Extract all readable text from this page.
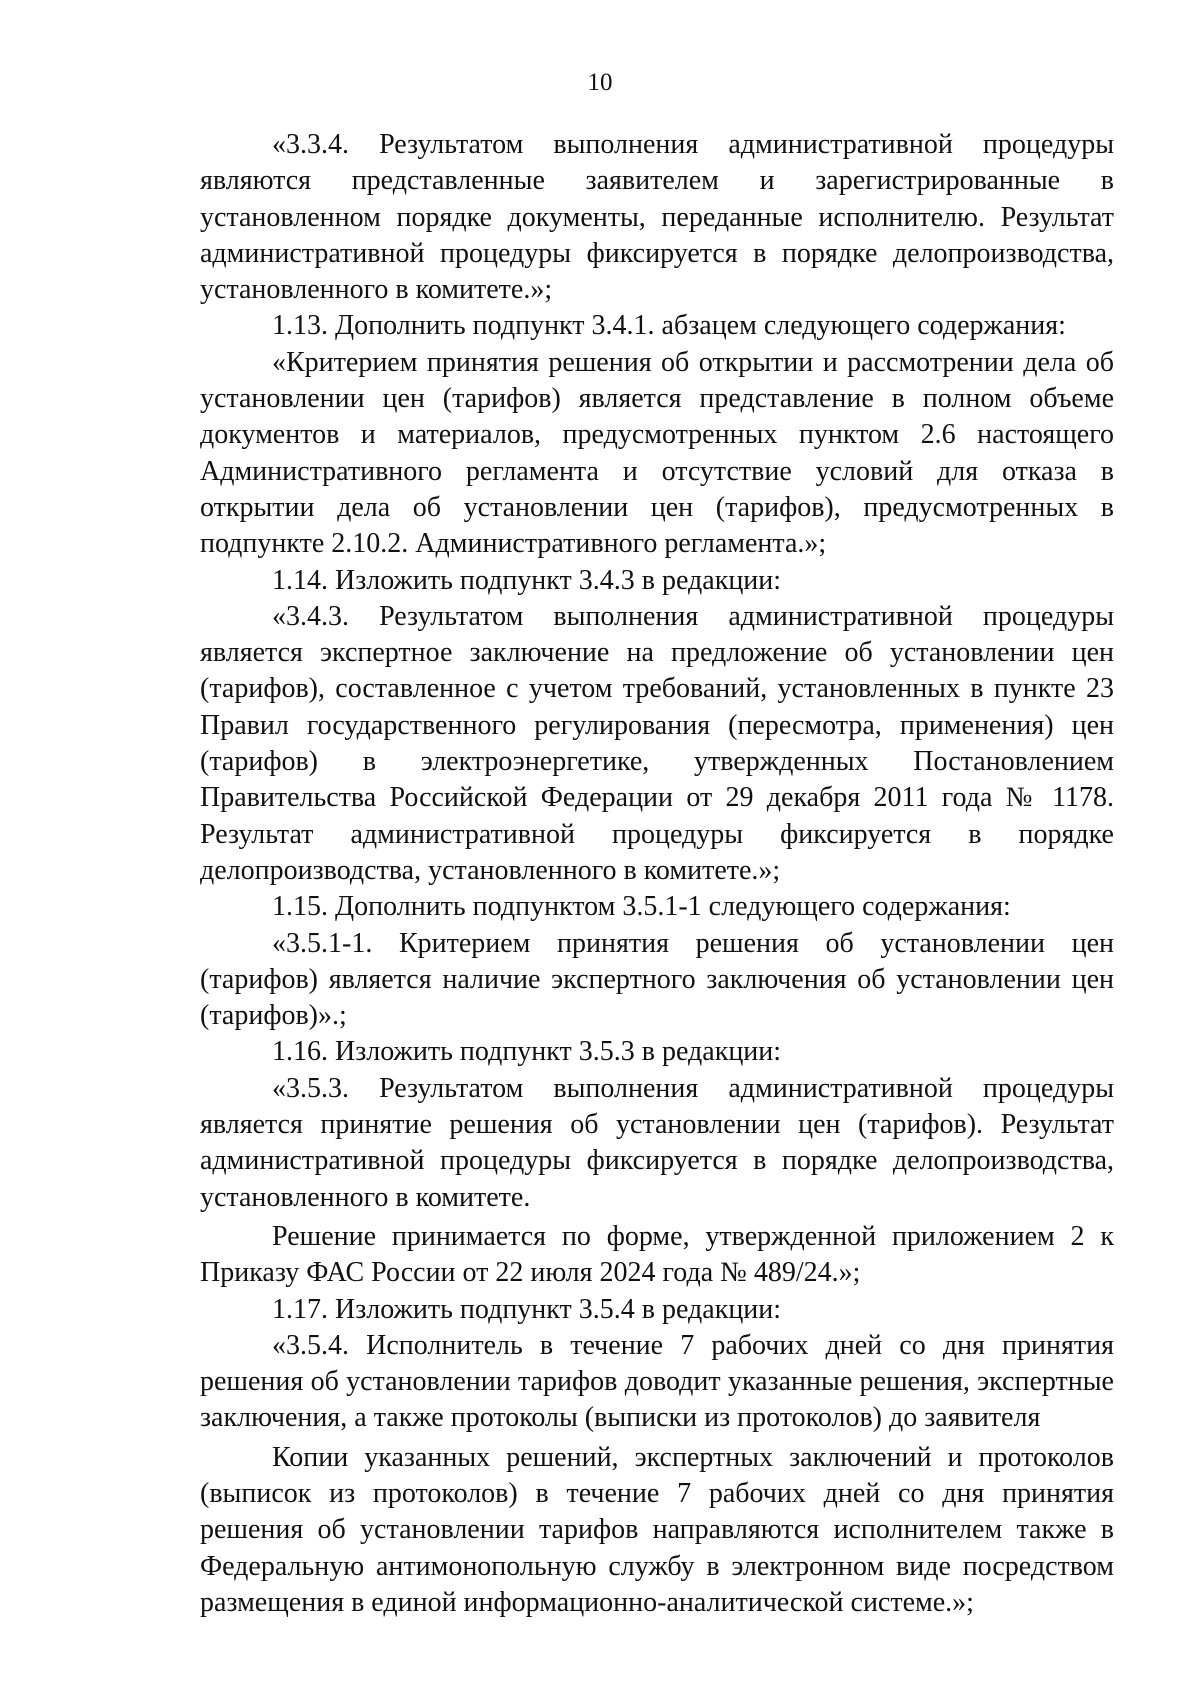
10

«3.3.4. Результатом выполнения административной процедуры являются представленные заявителем и зарегистрированные в установленном порядке документы, переданные исполнителю. Результат административной процедуры фиксируется в порядке делопроизводства, установленного в комитете.»;

1.13. Дополнить подпункт 3.4.1. абзацем следующего содержания:

«Критерием принятия решения об открытии и рассмотрении дела об установлении цен (тарифов) является представление в полном объеме документов и материалов, предусмотренных пунктом 2.6 настоящего Административного регламента и отсутствие условий для отказа в открытии дела об установлении цен (тарифов), предусмотренных в подпункте 2.10.2. Административного регламента.»;

1.14. Изложить подпункт 3.4.3 в редакции:

«3.4.3. Результатом выполнения административной процедуры является экспертное заключение на предложение об установлении цен (тарифов), составленное с учетом требований, установленных в пункте 23 Правил государственного регулирования (пересмотра, применения) цен (тарифов) в электроэнергетике, утвержденных Постановлением Правительства Российской Федерации от 29 декабря 2011 года № 1178. Результат административной процедуры фиксируется в порядке делопроизводства, установленного в комитете.»;

1.15. Дополнить подпунктом 3.5.1-1 следующего содержания:

«3.5.1-1. Критерием принятия решения об установлении цен (тарифов) является наличие экспертного заключения об установлении цен (тарифов)».;

1.16. Изложить подпункт 3.5.3 в редакции:

«3.5.3. Результатом выполнения административной процедуры является принятие решения об установлении цен (тарифов). Результат административной процедуры фиксируется в порядке делопроизводства, установленного в комитете.

Решение принимается по форме, утвержденной приложением 2 к Приказу ФАС России от 22 июля 2024 года № 489/24.»;

1.17. Изложить подпункт 3.5.4 в редакции:

«3.5.4. Исполнитель в течение 7 рабочих дней со дня принятия решения об установлении тарифов доводит указанные решения, экспертные заключения, а также протоколы (выписки из протоколов) до заявителя

Копии указанных решений, экспертных заключений и протоколов (выписок из протоколов) в течение 7 рабочих дней со дня принятия решения об установлении тарифов направляются исполнителем также в Федеральную антимонопольную службу в электронном виде посредством размещения в единой информационно-аналитической системе.»;
